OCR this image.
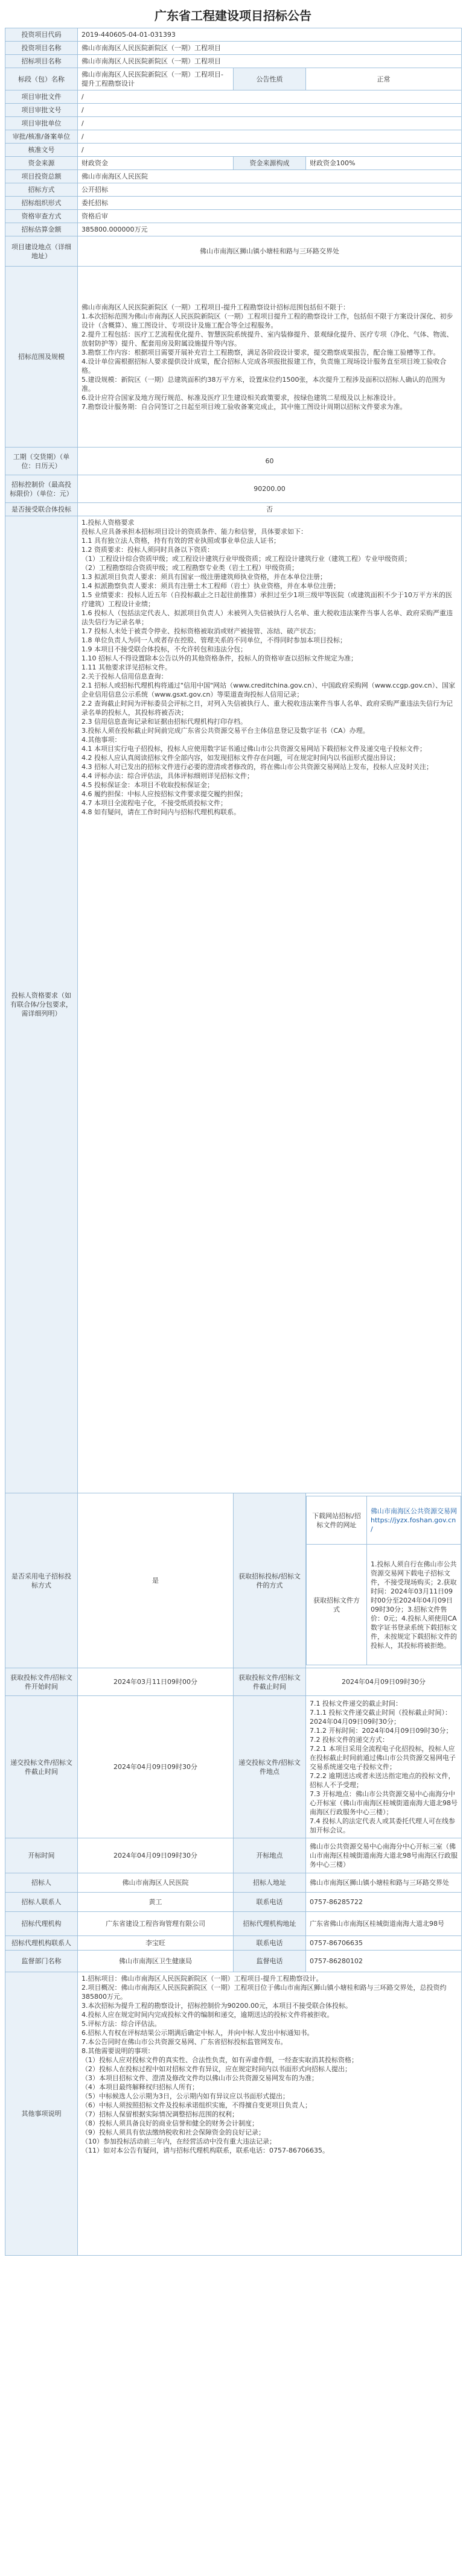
广东省工程建设项目招标公告
投资项目代码	2019-440605-04-01-031393
投资项目名称	佛山市南海区人民医院新院区（一期）工程项目
招标项目名称	佛山市南海区人民医院新院区（一期）工程项目
标段（包）名称	佛山市南海区人民医院新院区（一期）工程项目-提升工程勘察设计	公告性质	正常
项目审批文件	/
项目审批文号	/
项目审批单位	/
审批/核准/备案单位	/
核准文号	/
资金来源	财政资金	资金来源构成	财政资金100%
项目投资总额	佛山市南海区人民医院
招标方式	公开招标
招标组织形式	委托招标
资格审查方式	资格后审
招标估算金额	385800.000000万元
项目建设地点（详细地址）	佛山市南海区狮山镇小塘桂和路与三环路交界处
招标范围及规模	
佛山市南海区人民医院新院区（一期）工程项目-提升工程勘察设计招标范围包括但不限于：
1.本次招标范围为佛山市南海区人民医院新院区（一期）工程项目提升工程的勘察设计工作，包括但不限于方案设计深化、初步设计（含概算）、施工图设计、专项设计及施工配合等全过程服务。
2.提升工程包括：医疗工艺流程优化提升、智慧医院系统提升、室内装修提升、景观绿化提升、医疗专项（净化、气体、物流、放射防护等）提升、配套用房及附属设施提升等内容。
3.勘察工作内容：根据项目需要开展补充岩土工程勘察，满足各阶段设计要求，提交勘察成果报告，配合施工验槽等工作。
4.设计单位需根据招标人要求提供设计成果，配合招标人完成各项报批报建工作，负责施工现场设计服务直至项目竣工验收合格。
5.建设规模：新院区（一期）总建筑面积约38万平方米，设置床位约1500张，本次提升工程涉及面积以招标人确认的范围为准。
6.设计应符合国家及地方现行规范、标准及医疗卫生建设相关政策要求，按绿色建筑二星级及以上标准设计。
7.勘察设计服务期：自合同签订之日起至项目竣工验收备案完成止，其中施工图设计周期以招标文件要求为准。

工期（交货期）（单位：日历天）	60
招标控制价（最高投标限价）（单位：元）	90200.00
是否接受联合体投标	否
投标人资格要求（如有联合体/分包要求，需详细列明）	
1.投标人资格要求
投标人应具备承担本招标项目设计的资质条件、能力和信誉，具体要求如下：
1.1 具有独立法人资格，持有有效的营业执照或事业单位法人证书；
1.2 资质要求：投标人须同时具备以下资质：
（1）工程设计综合资质甲级；或工程设计建筑行业甲级资质；或工程设计建筑行业（建筑工程）专业甲级资质；
（2）工程勘察综合资质甲级；或工程勘察专业类（岩土工程）甲级资质；
1.3 拟派项目负责人要求：须具有国家一级注册建筑师执业资格，并在本单位注册；
1.4 拟派勘察负责人要求：须具有注册土木工程师（岩土）执业资格，并在本单位注册；
1.5 业绩要求：投标人近五年（自投标截止之日起往前推算）承担过至少1项三级甲等医院（或建筑面积不少于10万平方米的医疗建筑）工程设计业绩；
1.6 投标人（包括法定代表人、拟派项目负责人）未被列入失信被执行人名单、重大税收违法案件当事人名单、政府采购严重违法失信行为记录名单；
1.7 投标人未处于被责令停业、投标资格被取消或财产被接管、冻结、破产状态；
1.8 单位负责人为同一人或者存在控股、管理关系的不同单位，不得同时参加本项目投标；
1.9 本项目不接受联合体投标，不允许转包和违法分包；
1.10 招标人不得设置除本公告以外的其他资格条件，投标人的资格审查以招标文件规定为准；
1.11 其他要求详见招标文件。
2.关于投标人信用信息查询：
2.1 招标人或招标代理机构将通过"信用中国"网站（www.creditchina.gov.cn）、中国政府采购网（www.ccgp.gov.cn）、国家企业信用信息公示系统（www.gsxt.gov.cn）等渠道查询投标人信用记录；
2.2 查询截止时间为评标委员会评标之日，对列入失信被执行人、重大税收违法案件当事人名单、政府采购严重违法失信行为记录名单的投标人，其投标将被否决；
2.3 信用信息查询记录和证据由招标代理机构打印存档。
3.投标人须在投标截止时间前完成广东省公共资源交易平台主体信息登记及数字证书（CA）办理。
4.其他事项：
4.1 本项目实行电子招投标，投标人应使用数字证书通过佛山市公共资源交易网站下载招标文件及递交电子投标文件；
4.2 投标人应认真阅读招标文件全部内容，如发现招标文件存在问题，可在规定时间内以书面形式提出异议；
4.3 招标人对已发出的招标文件进行必要的澄清或者修改的，将在佛山市公共资源交易网站上发布，投标人应及时关注；
4.4 评标办法：综合评估法，具体评标细则详见招标文件；
4.5 投标保证金：本项目不收取投标保证金；
4.6 履约担保：中标人应按招标文件要求提交履约担保；
4.7 本项目全流程电子化，不接受纸质投标文件；
4.8 如有疑问，请在工作时间内与招标代理机构联系。

是否采用电子招标投标方式	是	获取招标投标/招标文件的方式	
下载网站招标/招标文件的网址	佛山市南海区公共资源交易网 https://jyzx.foshan.gov.cn/
获取招标文件方式	1.投标人须自行在佛山市公共资源交易网下载电子招标文件，不接受现场购买；2.获取时间：2024年03月11日09时00分至2024年04月09日09时30分；3.招标文件售价：0元；4.投标人须使用CA数字证书登录系统下载招标文件，未按规定下载招标文件的投标人，其投标将被拒绝。

获取投标文件/招标文件开始时间	2024年03月11日09时00分	获取投标文件/招标文件截止时间	2024年04月09日09时30分
递交投标文件/招标文件截止时间	2024年04月09日09时30分	递交投标文件/招标文件地点	
7.1 投标文件递交的截止时间：
7.1.1 投标文件递交截止时间（投标截止时间）：2024年04月09日09时30分；
7.1.2 开标时间：2024年04月09日09时30分；
7.2 投标文件的递交方式：
7.2.1 本项目采用全流程电子化招投标，投标人应在投标截止时间前通过佛山市公共资源交易网电子交易系统递交电子投标文件；
7.2.2 逾期送达或者未送达指定地点的投标文件，招标人不予受理；
7.3 开标地点：佛山市公共资源交易中心南海分中心开标室（佛山市南海区桂城街道南海大道北98号南海区行政服务中心三楼）；
7.4 投标人的法定代表人或其委托代理人可在线参加开标会议。

开标时间	2024年04月09日09时30分	开标地点	佛山市公共资源交易中心南海分中心开标三室（佛山市南海区桂城街道南海大道北98号南海区行政服务中心三楼）
招标人	佛山市南海区人民医院	招标人地址	佛山市南海区狮山镇小塘桂和路与三环路交界处
招标人联系人	黄工	联系电话	0757-86285722
招标代理机构	广东省建设工程咨询管理有限公司	招标代理机构地址	广东省佛山市南海区桂城街道南海大道北98号
招标代理机构联系人	李宝旺	联系电话	0757-86706635
监督部门名称	佛山市南海区卫生健康局	监督电话	0757-86280102
其他事项说明	
1.招标项目：佛山市南海区人民医院新院区（一期）工程项目-提升工程勘察设计。
2.项目概况：佛山市南海区人民医院新院区（一期）工程项目位于佛山市南海区狮山镇小塘桂和路与三环路交界处，总投资约385800万元。
3.本次招标为提升工程的勘察设计，招标控制价为90200.00元，本项目不接受联合体投标。
4.投标人应在规定时间内完成投标文件的编制和递交，逾期送达的投标文件将被拒收。
5.评标方法：综合评估法。
6.招标人有权在评标结果公示期满后确定中标人，并向中标人发出中标通知书。
7.本公告同时在佛山市公共资源交易网、广东省招标投标监管网发布。
8.其他需要说明的事项：
（1）投标人应对投标文件的真实性、合法性负责，如有弄虚作假，一经查实取消其投标资格；
（2）投标人在投标过程中如对招标文件有异议，应在规定时间内以书面形式向招标人提出；
（3）本项目招标文件、澄清及修改文件均以佛山市公共资源交易网发布的为准；
（4）本项目最终解释权归招标人所有；
（5）中标候选人公示期为3日，公示期内如有异议应以书面形式提出；
（6）中标人须按照招标文件及投标承诺组织实施，不得擅自变更项目负责人；
（7）招标人保留根据实际情况调整招标范围的权利；
（8）投标人须具备良好的商业信誉和健全的财务会计制度；
（9）投标人须具有依法缴纳税收和社会保障资金的良好记录；
（10）参加投标活动前三年内，在经营活动中没有重大违法记录；
（11）如对本公告有疑问，请与招标代理机构联系，联系电话：0757-86706635。
